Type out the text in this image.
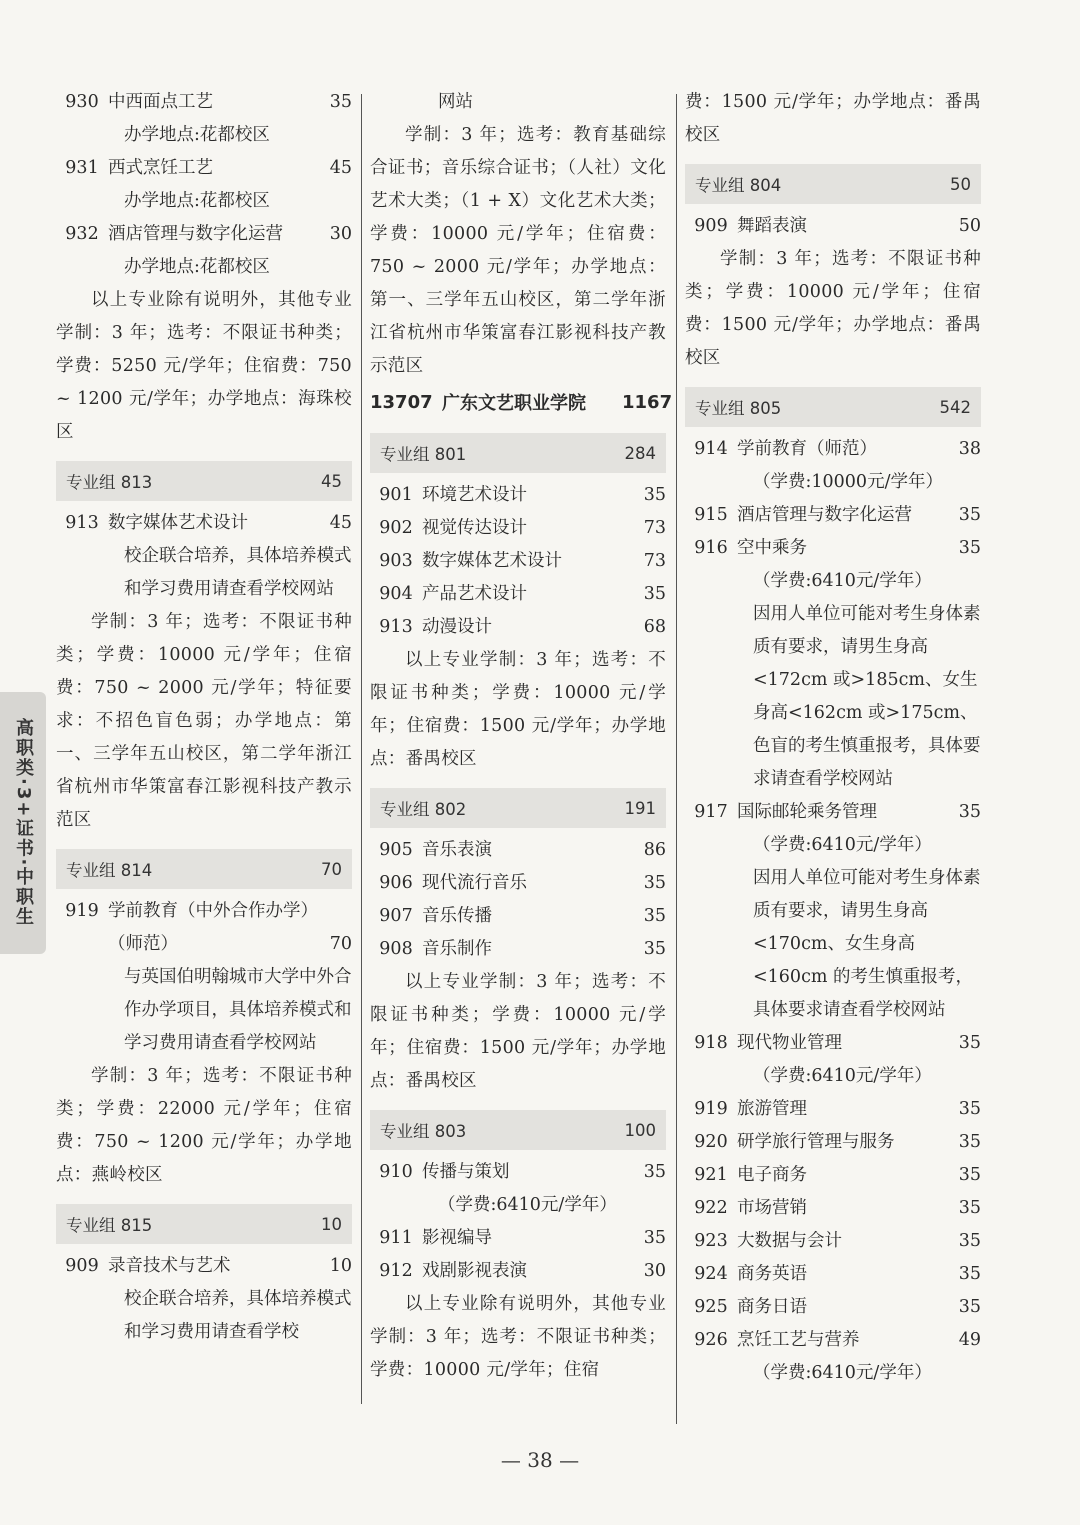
930 中西面点工艺	35
办学地点:花都校区
931 西式烹饪工艺	45
办学地点:花都校区
932 酒店管理与数字化运营	30
办学地点:花都校区
以上专业除有说明外，其他专业学制：3 年；选考：不限证书种类；学费：5250 元/学年；住宿费：750 ~ 1200 元/学年；办学地点：海珠校区
专业组 813	45
913 数字媒体艺术设计	45
校企联合培养，具体培养模式和学习费用请查看学校网站
学制：3 年；选考：不限证书种类；学费：10000 元/学年；住宿费：750 ~ 2000 元/学年；特征要求：不招色盲色弱；办学地点：第一、三学年五山校区，第二学年浙江省杭州市华策富春江影视科技产教示范区
专业组 814	70
919 学前教育（中外合作办学）
（师范）	70
与英国伯明翰城市大学中外合作办学项目，具体培养模式和学习费用请查看学校网站
学制：3 年；选考：不限证书种类；学费：22000 元/学年；住宿费：750 ~ 1200 元/学年；办学地点：燕岭校区
专业组 815	10
909 录音技术与艺术	10
校企联合培养，具体培养模式和学习费用请查看学校
网站
学制：3 年；选考：教育基础综合证书；音乐综合证书；（人社）文化艺术大类；（1 + X）文化艺术大类；学费：10000 元/学年；住宿费：750 ~ 2000 元/学年；办学地点：第一、三学年五山校区，第二学年浙江省杭州市华策富春江影视科技产教示范区
13707 广东文艺职业学院	1167
专业组 801	284
901 环境艺术设计	35
902 视觉传达设计	73
903 数字媒体艺术设计	73
904 产品艺术设计	35
913 动漫设计	68
以上专业学制：3 年；选考：不限证书种类；学费：10000 元/学年；住宿费：1500 元/学年；办学地点：番禺校区
专业组 802	191
905 音乐表演	86
906 现代流行音乐	35
907 音乐传播	35
908 音乐制作	35
以上专业学制：3 年；选考：不限证书种类；学费：10000 元/学年；住宿费：1500 元/学年；办学地点：番禺校区
专业组 803	100
910 传播与策划	35
（学费:6410元/学年）
911 影视编导	35
912 戏剧影视表演	30
以上专业除有说明外，其他专业学制：3 年；选考：不限证书种类；学费：10000 元/学年；住宿
费：1500 元/学年；办学地点：番禺校区
专业组 804	50
909 舞蹈表演	50
学制：3 年；选考：不限证书种类；学费：10000 元/学年；住宿费：1500 元/学年；办学地点：番禺校区
专业组 805	542
914 学前教育（师范）	38
（学费:10000元/学年）
915 酒店管理与数字化运营	35
916 空中乘务	35
（学费:6410元/学年）
因用人单位可能对考生身体素质有要求，请男生身高<172cm 或>185cm、女生身高<162cm 或>175cm、色盲的考生慎重报考，具体要求请查看学校网站
917 国际邮轮乘务管理	35
（学费:6410元/学年）
因用人单位可能对考生身体素质有要求，请男生身高<170cm、女生身高<160cm 的考生慎重报考，具体要求请查看学校网站
918 现代物业管理	35
（学费:6410元/学年）
919 旅游管理	35
920 研学旅行管理与服务	35
921 电子商务	35
922 市场营销	35
923 大数据与会计	35
924 商务英语	35
925 商务日语	35
926 烹饪工艺与营养	49
（学费:6410元/学年）
高职类·3+证书·中职生
— 38 —
